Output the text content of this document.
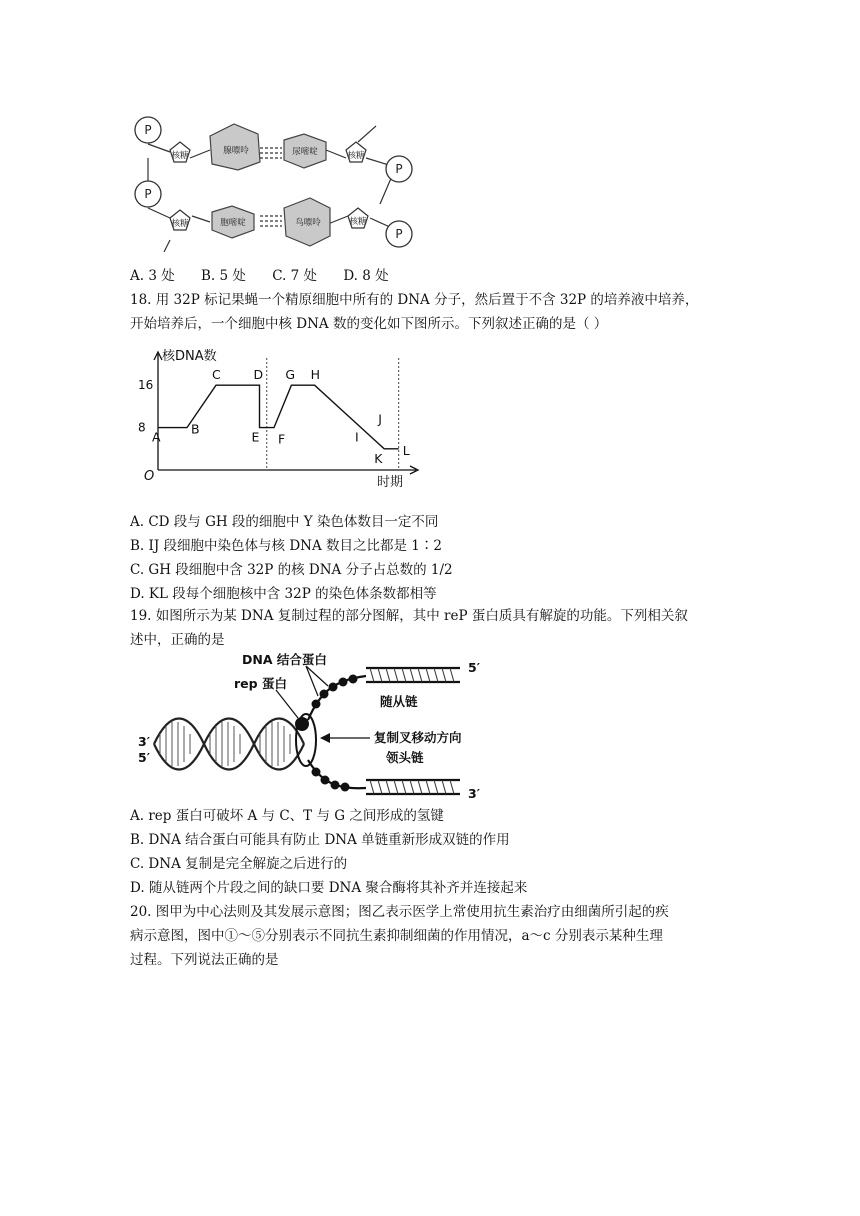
P
P
P
P
核糖	腺嘌呤	尿嘧啶	核糖
核糖	胞嘧啶	鸟嘌呤	核糖
A. 3 处 B. 5 处 C. 7 处 D. 8 处
18. 用 32P 标记果蝇一个精原细胞中所有的 DNA 分子，然后置于不含 32P 的培养液中培养，
开始培养后，一个细胞中核 DNA 数的变化如下图所示。下列叙述正确的是（ ）
核DNA数
时期
O
8
16
A
B
C	D
E F
G H
I
J
K
L
A. CD 段与 GH 段的细胞中 Y 染色体数目一定不同
B. IJ 段细胞中染色体与核 DNA 数目之比都是 1∶2
C. GH 段细胞中含 32P 的核 DNA 分子占总数的 1/2
D. KL 段每个细胞核中含 32P 的染色体条数都相等
19. 如图所示为某 DNA 复制过程的部分图解，其中 reP 蛋白质具有解旋的功能。下列相关叙
述中，正确的是
DNA 结合蛋白
rep 蛋白
随从链
复制叉移动方向
领头链
5′
3′
5′
3′
A. rep 蛋白可破坏 A 与 C、T 与 G 之间形成的氢键
B. DNA 结合蛋白可能具有防止 DNA 单链重新形成双链的作用
C. DNA 复制是完全解旋之后进行的
D. 随从链两个片段之间的缺口要 DNA 聚合酶将其补齐并连接起来
20. 图甲为中心法则及其发展示意图；图乙表示医学上常使用抗生素治疗由细菌所引起的疾
病示意图，图中①～⑤分别表示不同抗生素抑制细菌的作用情况，a～c 分别表示某种生理
过程。下列说法正确的是
